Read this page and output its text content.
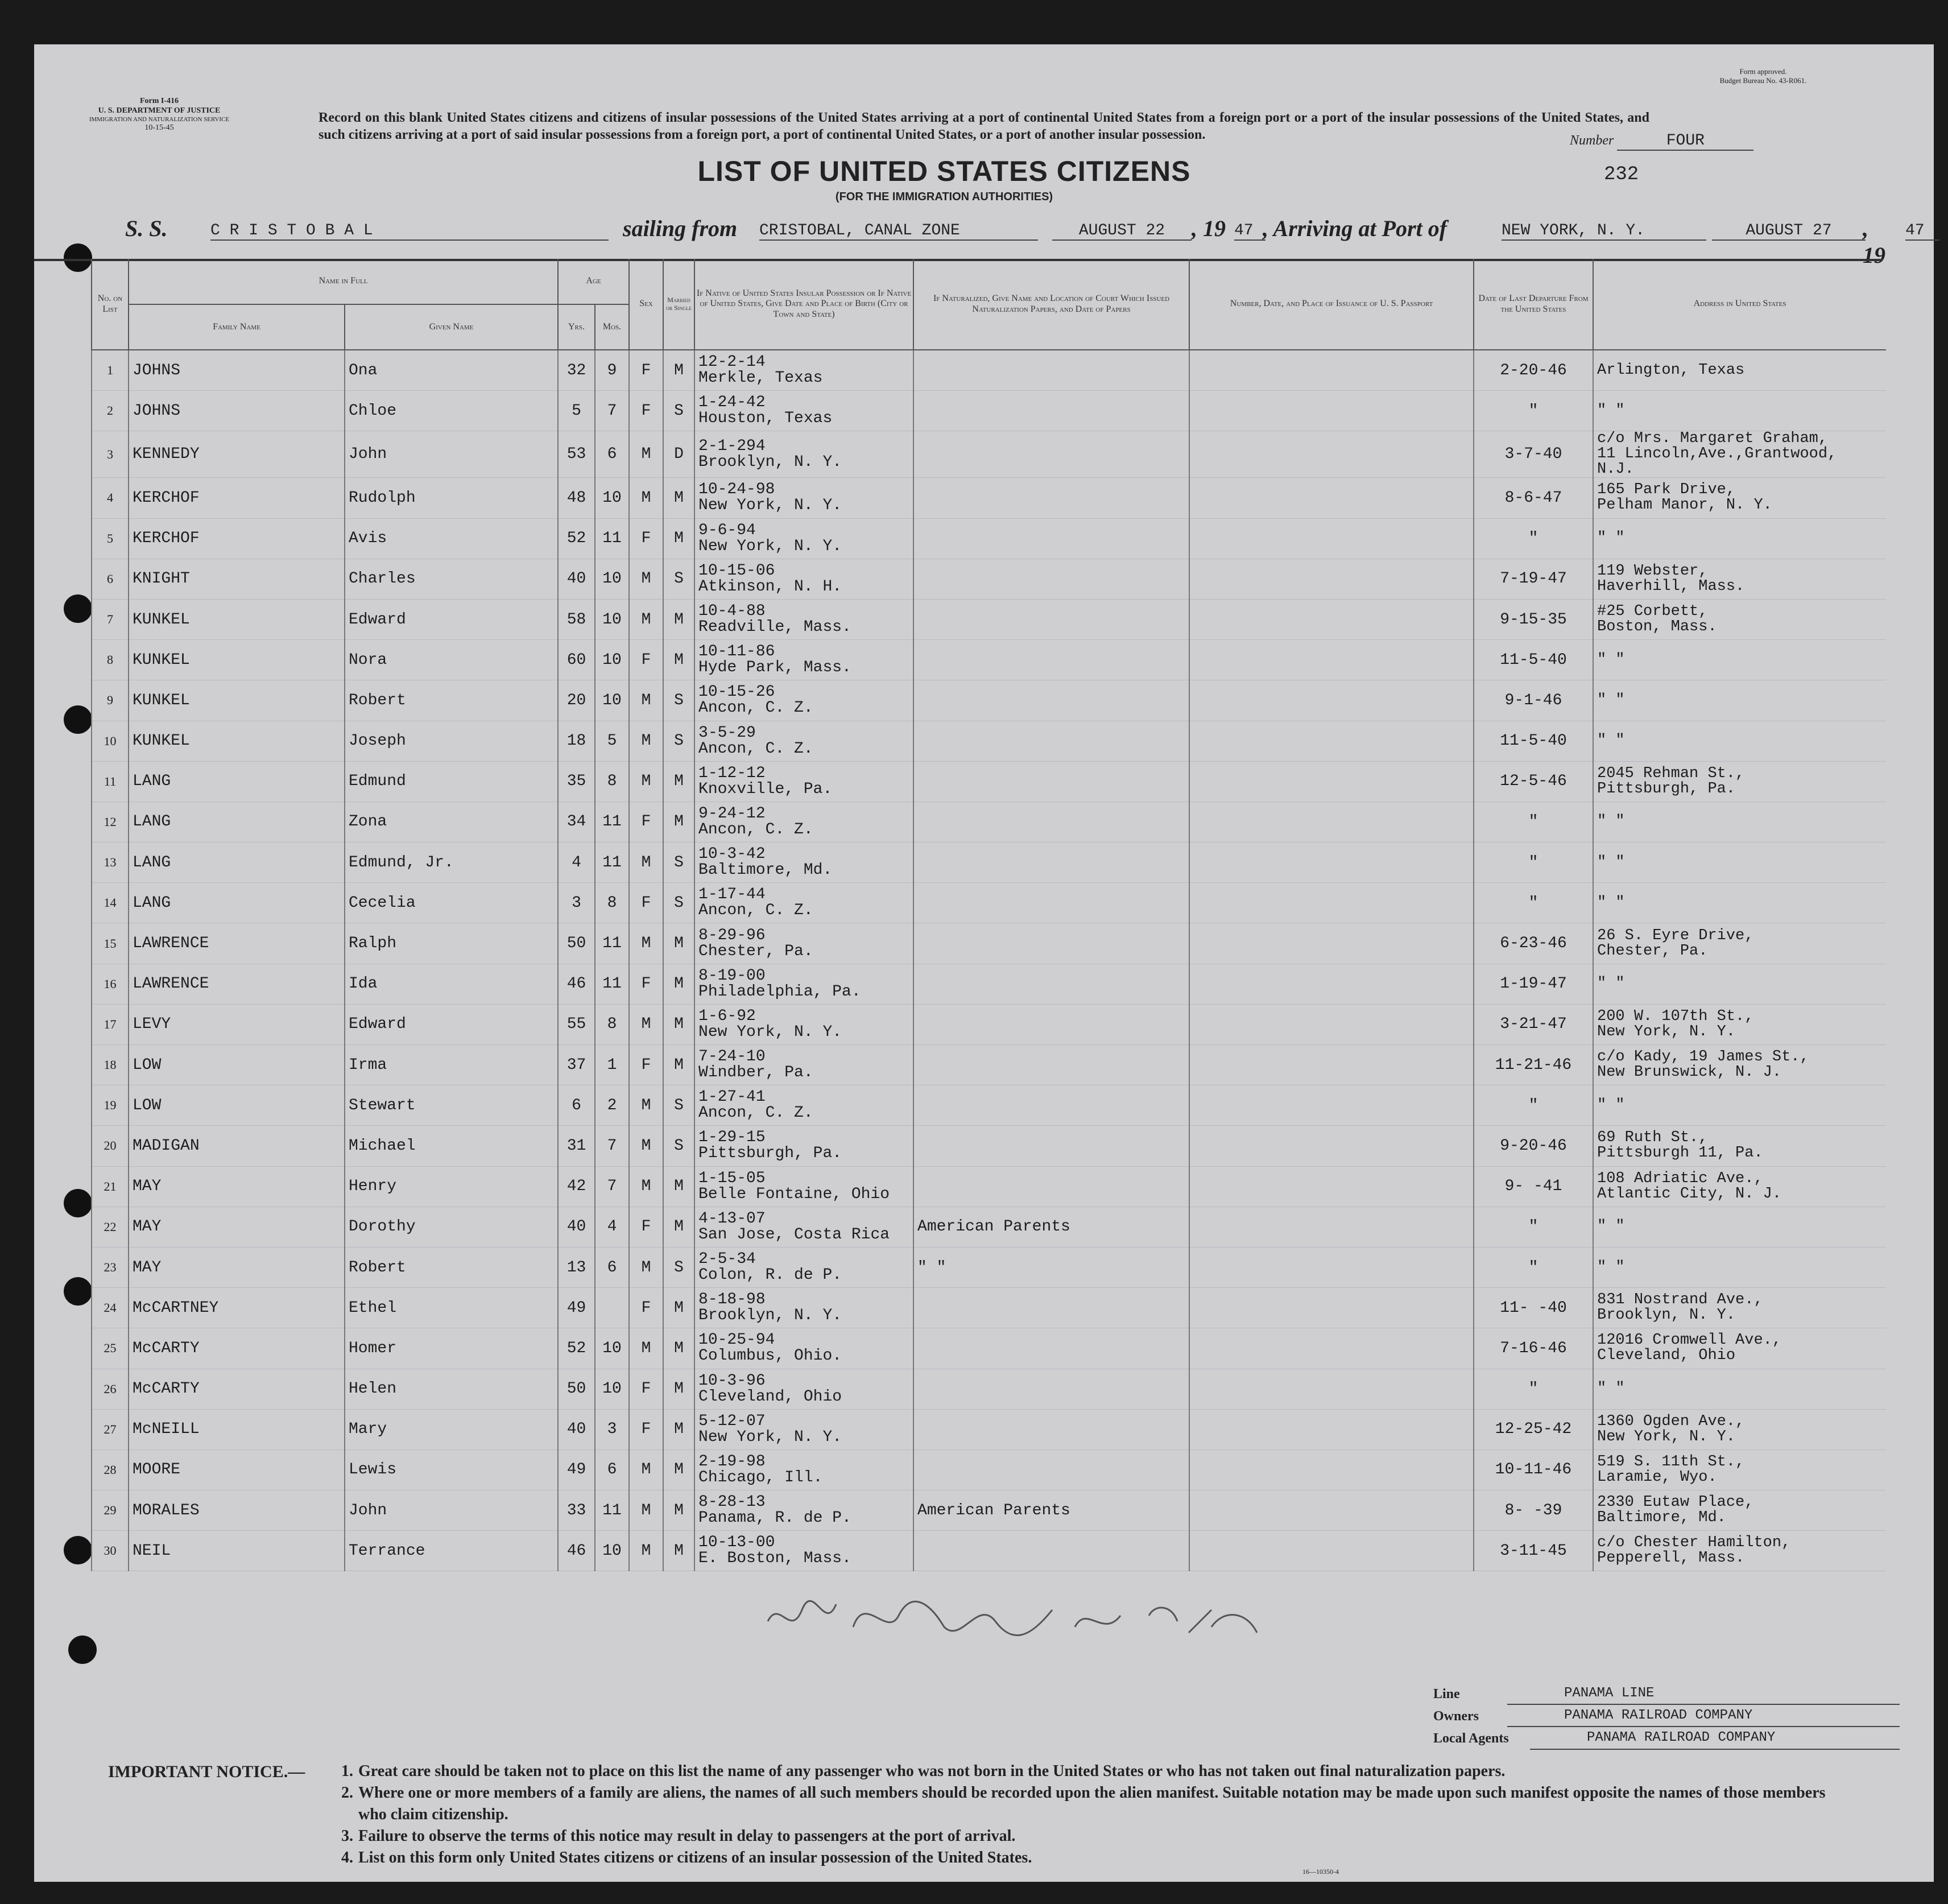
Form I-416
U. S. DEPARTMENT OF JUSTICE
IMMIGRATION AND NATURALIZATION SERVICE
10-15-45
Form approved.
Budget Bureau No. 43-R061.
Record on this blank United States citizens and citizens of insular possessions of the United States arriving at a port of continental United States from a foreign port or a port of the insular possessions of the United States, and such citizens arriving at a port of said insular possessions from a foreign port, a port of continental United States, or a port of another insular possession.	Number	FOUR
LIST OF UNITED STATES CITIZENS
(FOR THE IMMIGRATION AUTHORITIES)
232
S. S.	C R I S T O B A L	sailing from CRISTOBAL, CANAL ZONE	AUGUST 22	, 19 47 , Arriving at Port of	NEW YORK, N. Y.	AUGUST 27	, 19
47
No. on List	Name in Full		Age		Sex	Married or Single	If Native of United States Insular Possession or If Native of United States, Give Date and Place of Birth (City or Town and State)	If Naturalized, Give Name and Location of Court Which Issued Naturalization Papers, and Date of Papers	Number, Date, and Place of Issuance of U. S. Passport	Date of Last Departure From the United States	Address in United States
	Family Name	Given Name	Yrs.	Mos.							
1	JOHNS	Ona	32	9	F	M	12-2-14
Merkle, Texas			2-20-46	Arlington, Texas

2	JOHNS	Chloe	5	7	F	S	1-24-42
Houston, Texas			"	" "

3	KENNEDY	John	53	6	M	D	2-1-294
Brooklyn, N. Y.			3-7-40	c/o Mrs. Margaret Graham,
11 Lincoln,Ave.,Grantwood, N.J.

4	KERCHOF	Rudolph	48	10	M	M	10-24-98
New York, N. Y.			8-6-47	165 Park Drive,
Pelham Manor, N. Y.

5	KERCHOF	Avis	52	11	F	M	9-6-94
New York, N. Y.			"	" "

6	KNIGHT	Charles	40	10	M	S	10-15-06
Atkinson, N. H.			7-19-47	119 Webster,
Haverhill, Mass.

7	KUNKEL	Edward	58	10	M	M	10-4-88
Readville, Mass.			9-15-35	#25 Corbett,
Boston, Mass.

8	KUNKEL	Nora	60	10	F	M	10-11-86
Hyde Park, Mass.			11-5-40	" "

9	KUNKEL	Robert	20	10	M	S	10-15-26
Ancon, C. Z.			9-1-46	" "

10	KUNKEL	Joseph	18	5	M	S	3-5-29
Ancon, C. Z.			11-5-40	" "

11	LANG	Edmund	35	8	M	M	1-12-12
Knoxville, Pa.			12-5-46	2045 Rehman St.,
Pittsburgh, Pa.

12	LANG	Zona	34	11	F	M	9-24-12
Ancon, C. Z.			"	" "

13	LANG	Edmund, Jr.	4	11	M	S	10-3-42
Baltimore, Md.			"	" "

14	LANG	Cecelia	3	8	F	S	1-17-44
Ancon, C. Z.			"	" "

15	LAWRENCE	Ralph	50	11	M	M	8-29-96
Chester, Pa.			6-23-46	26 S. Eyre Drive,
Chester, Pa.

16	LAWRENCE	Ida	46	11	F	M	8-19-00
Philadelphia, Pa.			1-19-47	" "

17	LEVY	Edward	55	8	M	M	1-6-92
New York, N. Y.			3-21-47	200 W. 107th St.,
New York, N. Y.

18	LOW	Irma	37	1	F	M	7-24-10
Windber, Pa.			11-21-46	c/o Kady, 19 James St.,
New Brunswick, N. J.

19	LOW	Stewart	6	2	M	S	1-27-41
Ancon, C. Z.			"	" "

20	MADIGAN	Michael	31	7	M	S	1-29-15
Pittsburgh, Pa.			9-20-46	69 Ruth St.,
Pittsburgh 11, Pa.

21	MAY	Henry	42	7	M	M	1-15-05
Belle Fontaine, Ohio			9- -41	108 Adriatic Ave.,
Atlantic City, N. J.

22	MAY	Dorothy	40	4	F	M	4-13-07
San Jose, Costa Rica	American Parents		"	" "

23	MAY	Robert	13	6	M	S	2-5-34
Colon, R. de P.	" "		"	" "

24	McCARTNEY	Ethel	49		F	M	8-18-98
Brooklyn, N. Y.			11- -40	831 Nostrand Ave.,
Brooklyn, N. Y.

25	McCARTY	Homer	52	10	M	M	10-25-94
Columbus, Ohio.			7-16-46	12016 Cromwell Ave.,
Cleveland, Ohio

26	McCARTY	Helen	50	10	F	M	10-3-96
Cleveland, Ohio			"	" "

27	McNEILL	Mary	40	3	F	M	5-12-07
New York, N. Y.			12-25-42	1360 Ogden Ave.,
New York, N. Y.

28	MOORE	Lewis	49	6	M	M	2-19-98
Chicago, Ill.			10-11-46	519 S. 11th St.,
Laramie, Wyo.

29	MORALES	John	33	11	M	M	8-28-13
Panama, R. de P.	American Parents		8- -39	2330 Eutaw Place,
Baltimore, Md.

30	NEIL	Terrance	46	10	M	M	10-13-00
E. Boston, Mass.			3-11-45	c/o Chester Hamilton,
Pepperell, Mass.
Line	PANAMA LINE
Owners	PANAMA RAILROAD COMPANY
Local Agents	PANAMA RAILROAD COMPANY
IMPORTANT NOTICE.—	1. Great care should be taken not to place on this list the name of any passenger who was not born in the United States or who has not taken out final naturalization papers.
2. Where one or more members of a family are aliens, the names of all such members should be recorded upon the alien manifest. Suitable notation may be made upon such manifest opposite the names of those members who claim citizenship.
3. Failure to observe the terms of this notice may result in delay to passengers at the port of arrival.
4. List on this form only United States citizens or citizens of an insular possession of the United States.
16—10350-4
